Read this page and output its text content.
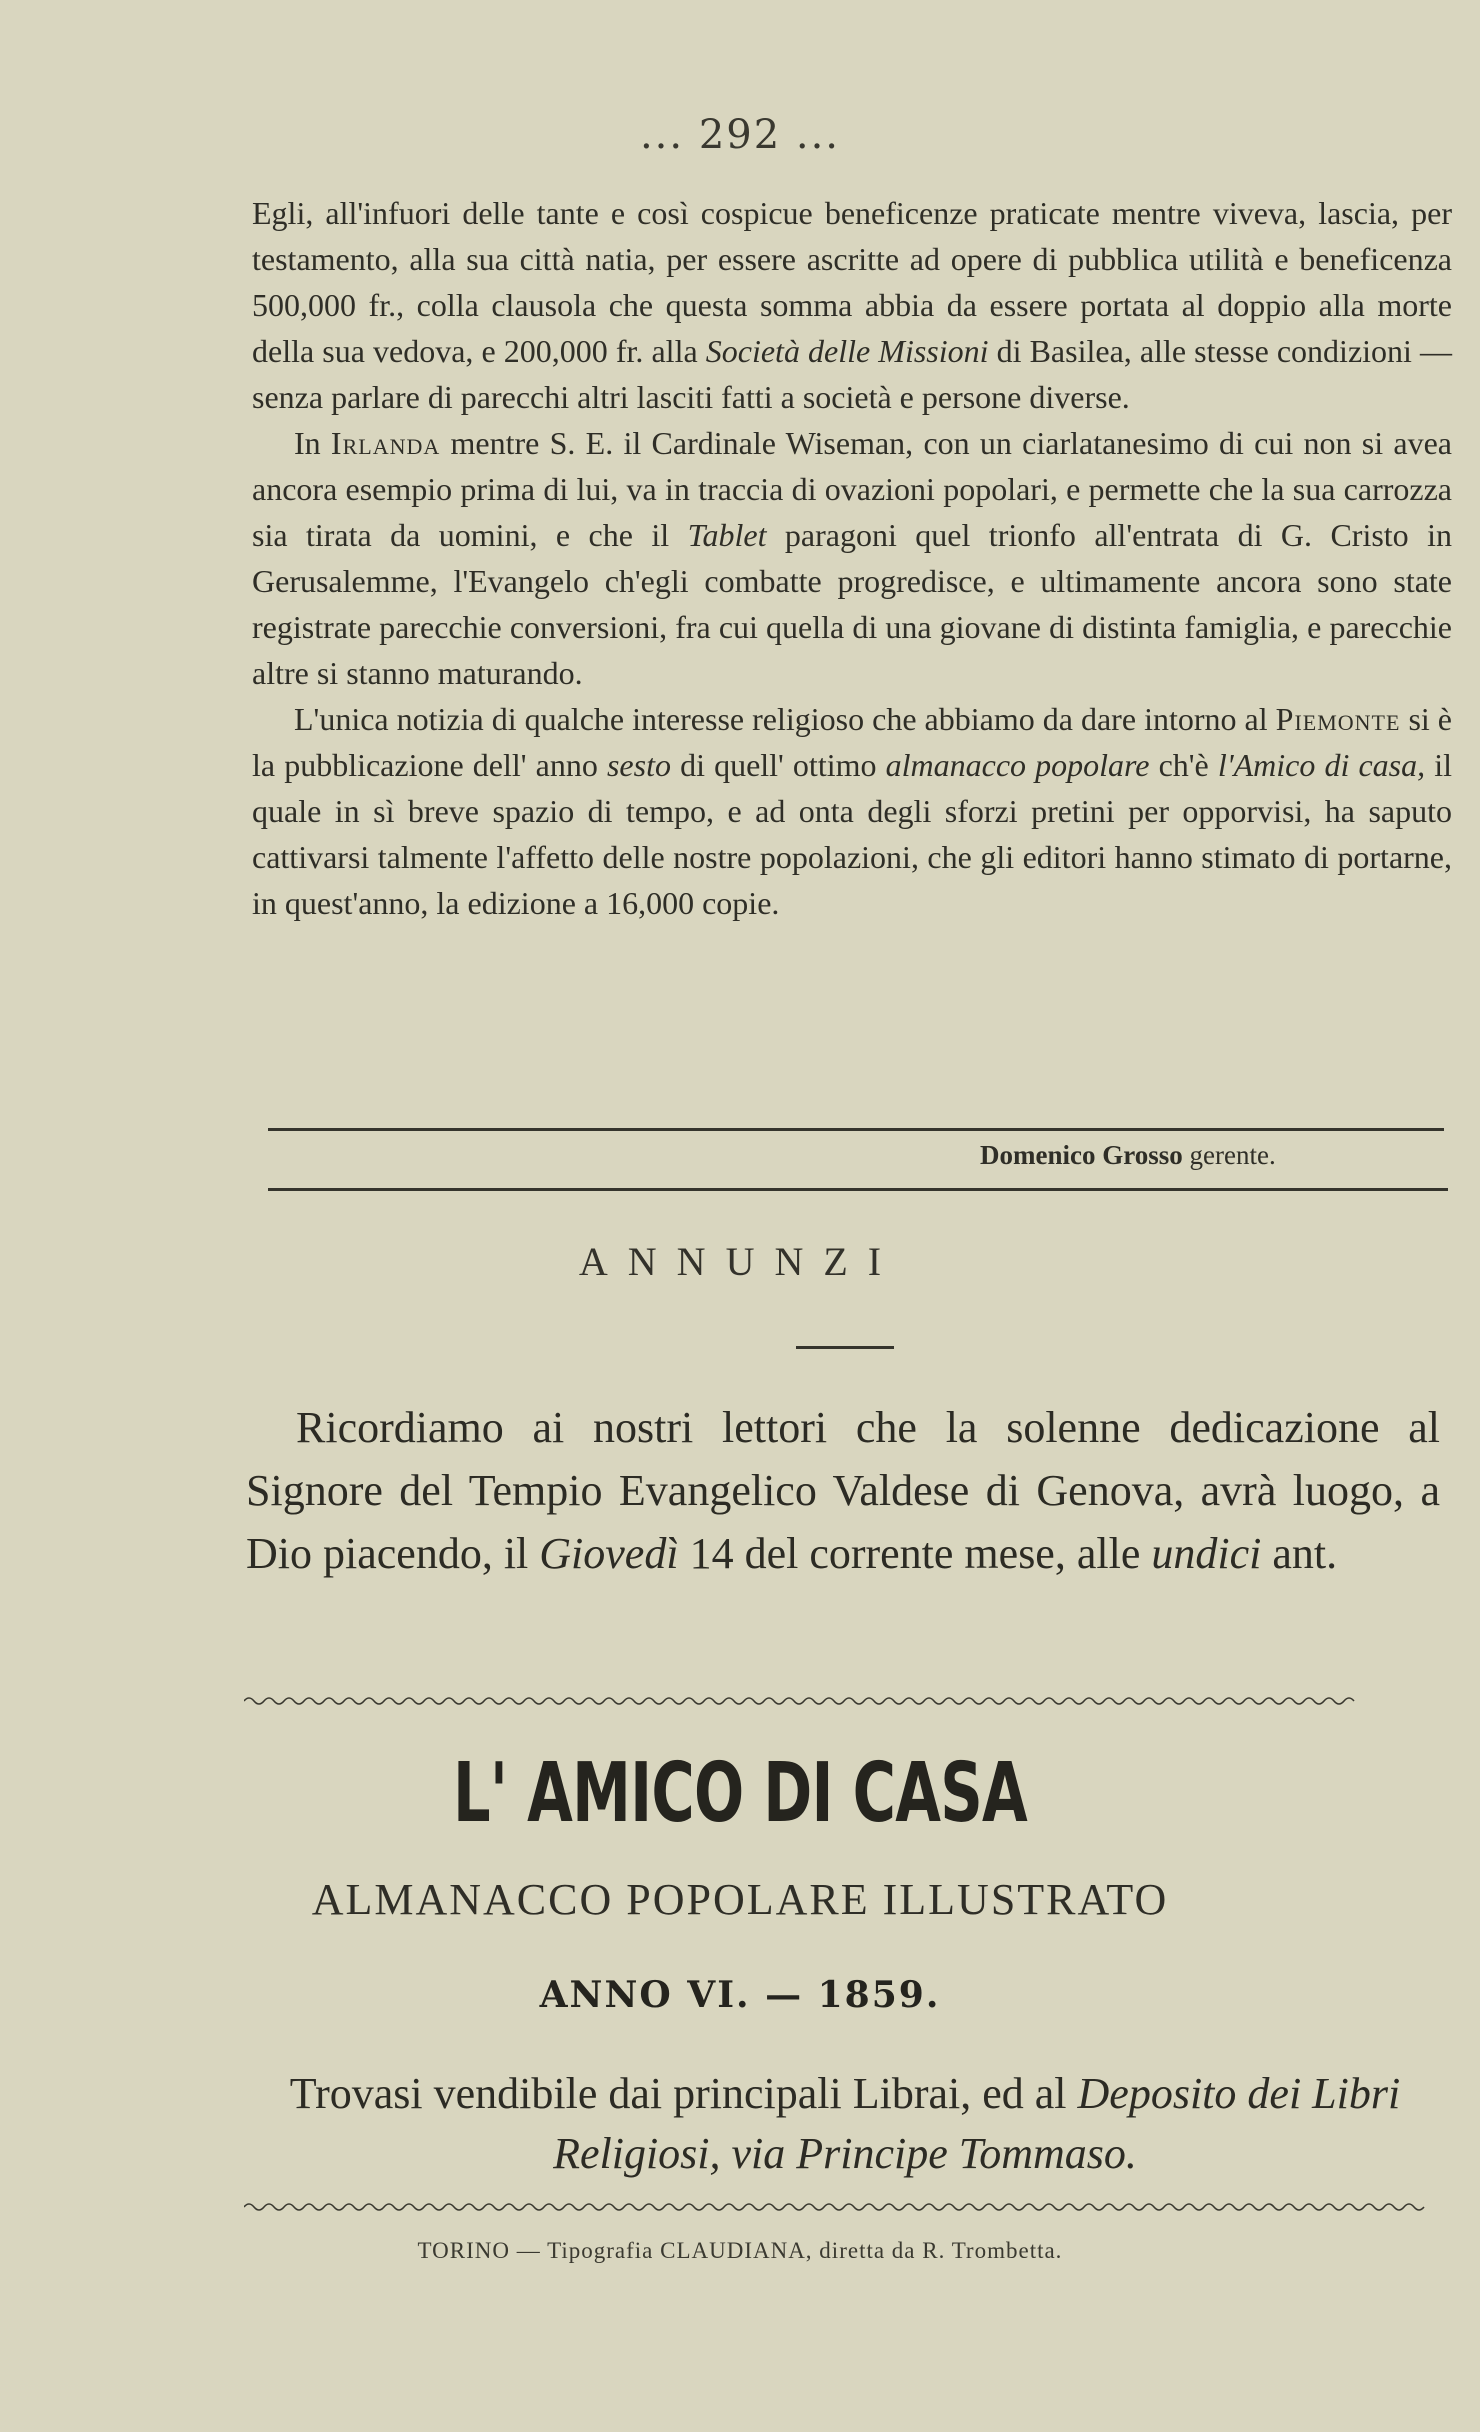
... 292 ...

Egli, all'infuori delle tante e così cospicue beneficenze praticate mentre viveva, lascia, per testamento, alla sua città natia, per essere ascritte ad opere di pubblica utilità e beneficenza 500,000 fr., colla clausola che questa somma abbia da essere portata al doppio alla morte della sua vedova, e 200,000 fr. alla Società delle Missioni di Basilea, alle stesse condizioni — senza parlare di parecchi altri lasciti fatti a società e persone diverse.

In Irlanda mentre S. E. il Cardinale Wiseman, con un ciarlatanesimo di cui non si avea ancora esempio prima di lui, va in traccia di ovazioni popolari, e permette che la sua carrozza sia tirata da uomini, e che il Tablet paragoni quel trionfo all'entrata di G. Cristo in Gerusalemme, l'Evangelo ch'egli combatte progredisce, e ultimamente ancora sono state registrate parecchie conversioni, fra cui quella di una giovane di distinta famiglia, e parecchie altre si stanno maturando.

L'unica notizia di qualche interesse religioso che abbiamo da dare intorno al Piemonte si è la pubblicazione dell' anno sesto di quell' ottimo almanacco popolare ch'è l'Amico di casa, il quale in sì breve spazio di tempo, e ad onta degli sforzi pretini per opporvisi, ha saputo cattivarsi talmente l'affetto delle nostre popolazioni, che gli editori hanno stimato di portarne, in quest'anno, la edizione a 16,000 copie.

Domenico Grosso gerente.
ANNUNZI
Ricordiamo ai nostri lettori che la solenne dedicazione al Signore del Tempio Evangelico Valdese di Genova, avrà luogo, a Dio piacendo, il Giovedì 14 del corrente mese, alle undici ant.
L' AMICO DI CASA
ALMANACCO POPOLARE ILLUSTRATO
ANNO VI. — 1859.
Trovasi vendibile dai principali Librai, ed al Deposito dei Libri Religiosi, via Principe Tommaso.
TORINO — Tipografia CLAUDIANA, diretta da R. Trombetta.
